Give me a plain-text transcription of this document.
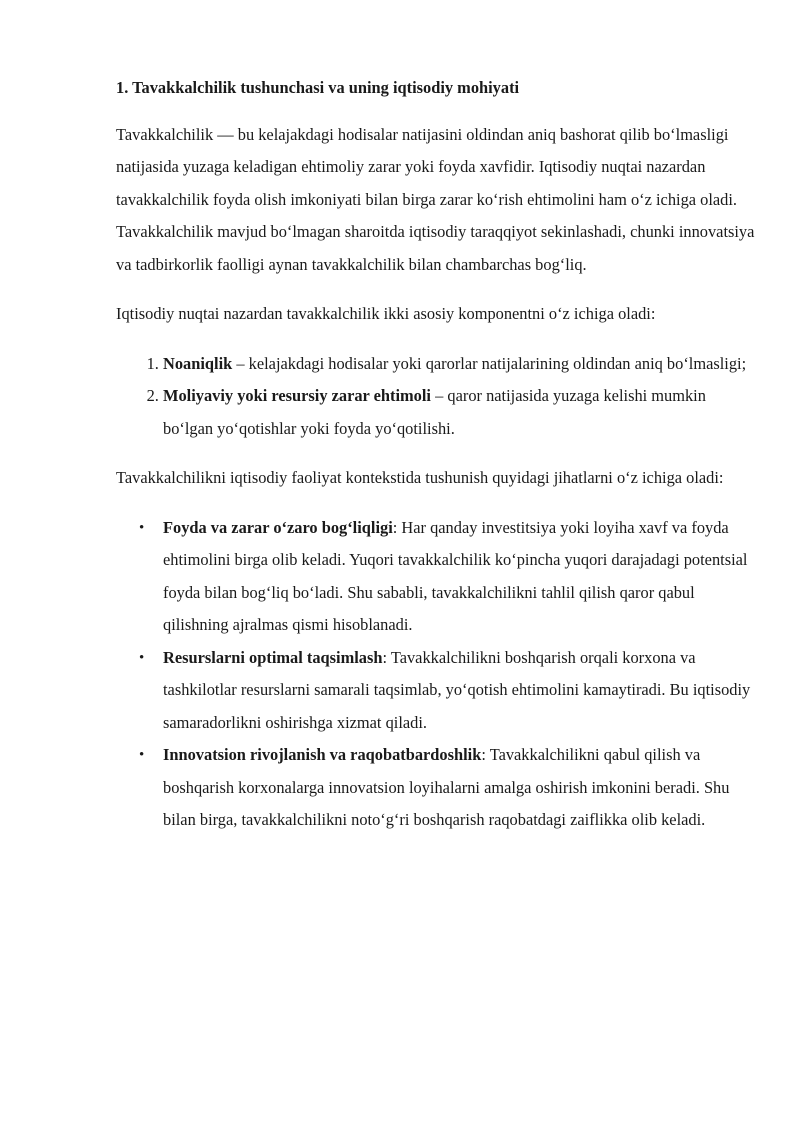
1. Tavakkalchilik tushunchasi va uning iqtisodiy mohiyati

Tavakkalchilik — bu kelajakdagi hodisalar natijasini oldindan aniq bashorat qilib bo‘lmasligi natijasida yuzaga keladigan ehtimoliy zarar yoki foyda xavfidir. Iqtisodiy nuqtai nazardan tavakkalchilik foyda olish imkoniyati bilan birga zarar ko‘rish ehtimolini ham o‘z ichiga oladi. Tavakkalchilik mavjud bo‘lmagan sharoitda iqtisodiy taraqqiyot sekinlashadi, chunki innovatsiya va tadbirkorlik faolligi aynan tavakkalchilik bilan chambarchas bog‘liq.

Iqtisodiy nuqtai nazardan tavakkalchilik ikki asosiy komponentni o‘z ichiga oladi:

1. Noaniqlik – kelajakdagi hodisalar yoki qarorlar natijalarining oldindan aniq bo‘lmasligi;
2. Moliyaviy yoki resursiy zarar ehtimoli – qaror natijasida yuzaga kelishi mumkin bo‘lgan yo‘qotishlar yoki foyda yo‘qotilishi.

Tavakkalchilikni iqtisodiy faoliyat kontekstida tushunish quyidagi jihatlarni o‘z ichiga oladi:

• Foyda va zarar o‘zaro bog‘liqligi: Har qanday investitsiya yoki loyiha xavf va foyda ehtimolini birga olib keladi. Yuqori tavakkalchilik ko‘pincha yuqori darajadagi potentsial foyda bilan bog‘liq bo‘ladi. Shu sababli, tavakkalchilikni tahlil qilish qaror qabul qilishning ajralmas qismi hisoblanadi.
• Resurslarni optimal taqsimlash: Tavakkalchilikni boshqarish orqali korxona va tashkilotlar resurslarni samarali taqsimlab, yo‘qotish ehtimolini kamaytiradi. Bu iqtisodiy samaradorlikni oshirishga xizmat qiladi.
• Innovatsion rivojlanish va raqobatbardoshlik: Tavakkalchilikni qabul qilish va boshqarish korxonalarga innovatsion loyihalarni amalga oshirish imkonini beradi. Shu bilan birga, tavakkalchilikni noto‘g‘ri boshqarish raqobatdagi zaiflikka olib keladi.
